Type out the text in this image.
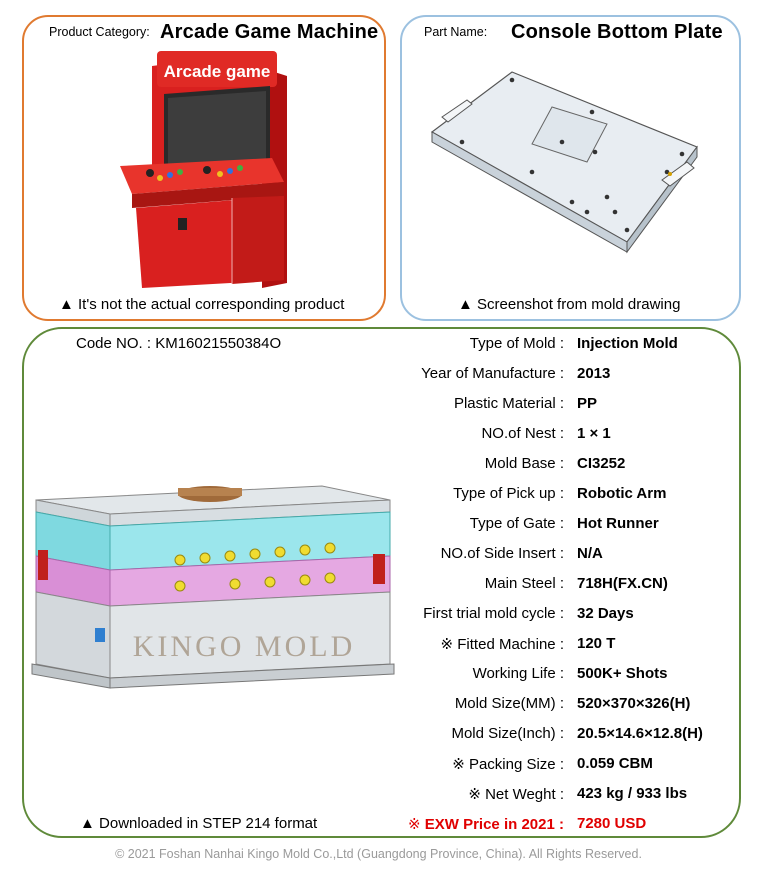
Product Category: Arcade Game Machine
Arcade game
▲ It's not the actual corresponding product
Part Name: Console Bottom Plate
▲ Screenshot from mold drawing
Code NO. : KM16021550384O
KINGO MOLD
▲ Downloaded in STEP 214 format
Type of Mold : Injection Mold
Year of Manufacture : 2013
Plastic Material : PP
NO.of Nest : 1 × 1
Mold Base : CI3252
Type of Pick up : Robotic Arm
Type of Gate : Hot Runner
NO.of Side Insert : N/A
Main Steel : 718H(FX.CN)
First trial mold cycle : 32 Days
※ Fitted Machine : 120 T
Working Life : 500K+ Shots
Mold Size(MM) : 520×370×326(H)
Mold Size(Inch) : 20.5×14.6×12.8(H)
※ Packing Size : 0.059 CBM
※ Net Weght : 423 kg / 933 lbs
※ EXW Price in 2021 : 7280 USD
© 2021 Foshan Nanhai Kingo Mold Co.,Ltd (Guangdong Province, China). All Rights Reserved.
